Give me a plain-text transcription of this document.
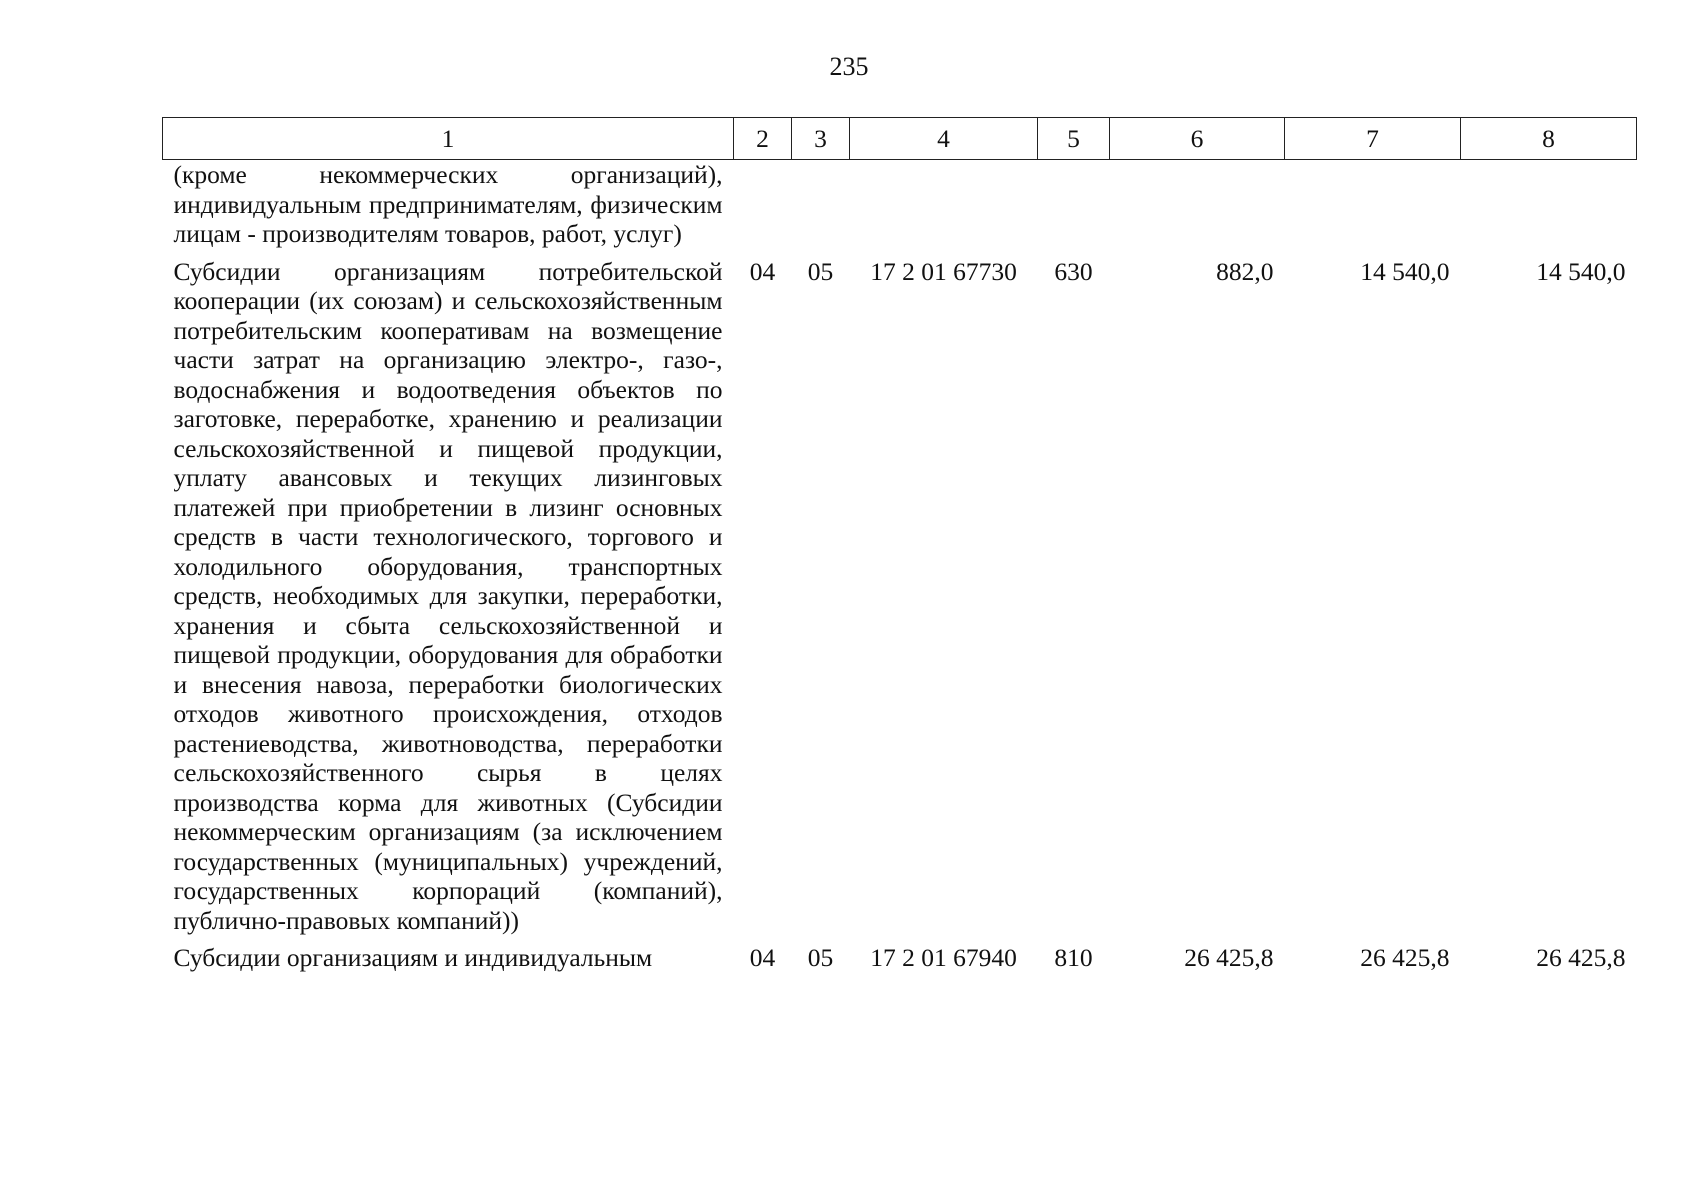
235
1	2	3	4	5	6	7	8
(кроме некоммерческих организаций), индивидуальным предпринимателям, физическим лицам - производителям товаров, работ, услуг)							
Субсидии организациям потребительской кооперации (их союзам) и сельскохозяйственным потребительским кооперативам на возмещение части затрат на организацию электро-, газо-, водоснабжения и водоотведения объектов по заготовке, переработке, хранению и реализации сельскохозяйственной и пищевой продукции, уплату авансовых и текущих лизинговых платежей при приобретении в лизинг основных средств в части технологического, торгового и холодильного оборудования, транспортных средств, необходимых для закупки, переработки, хранения и сбыта сельскохозяйственной и пищевой продукции, оборудования для обработки и внесения навоза, переработки биологических отходов животного происхождения, отходов растениеводства, животноводства, переработки сельскохозяйственного сырья в целях производства корма для животных (Субсидии некоммерческим организациям (за исключением государственных (муниципальных) учреждений, государственных корпораций (компаний), публично-правовых компаний))	04	05	17 2 01 67730	630	882,0	14 540,0	14 540,0
Субсидии организациям и индивидуальным	04	05	17 2 01 67940	810	26 425,8	26 425,8	26 425,8
